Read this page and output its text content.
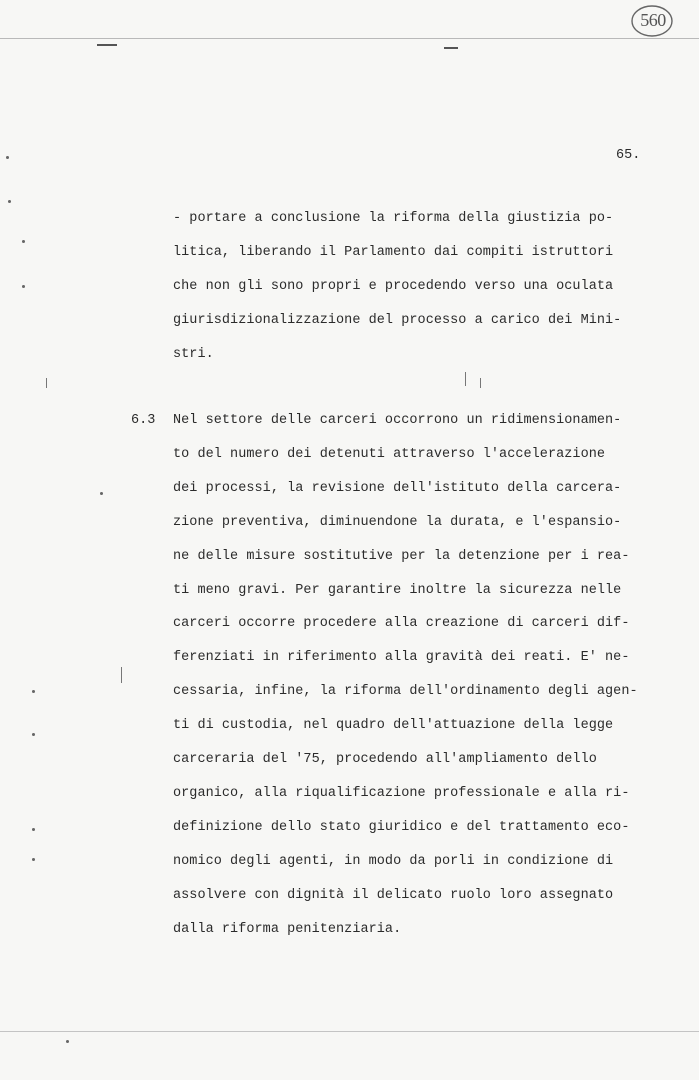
560
65.
- portare a conclusione la riforma della giustizia po-
litica, liberando il Parlamento dai compiti istruttori
che non gli sono propri e procedendo verso una oculata
giurisdizionalizzazione del processo a carico dei Mini-
stri.
6.3 Nel settore delle carceri occorrono un ridimensionamen-
to del numero dei detenuti attraverso l'accelerazione
dei processi, la revisione dell'istituto della carcera-
zione preventiva, diminuendone la durata, e l'espansio-
ne delle misure sostitutive per la detenzione per i rea-
ti meno gravi. Per garantire inoltre la sicurezza nelle
carceri occorre procedere alla creazione di carceri dif-
ferenziati in riferimento alla gravità dei reati. E' ne-
cessaria, infine, la riforma dell'ordinamento degli agen-
ti di custodia, nel quadro dell'attuazione della legge
carceraria del '75, procedendo all'ampliamento dello
organico, alla riqualificazione professionale e alla ri-
definizione dello stato giuridico e del trattamento eco-
nomico degli agenti, in modo da porli in condizione di
assolvere con dignità il delicato ruolo loro assegnato
dalla riforma penitenziaria.
